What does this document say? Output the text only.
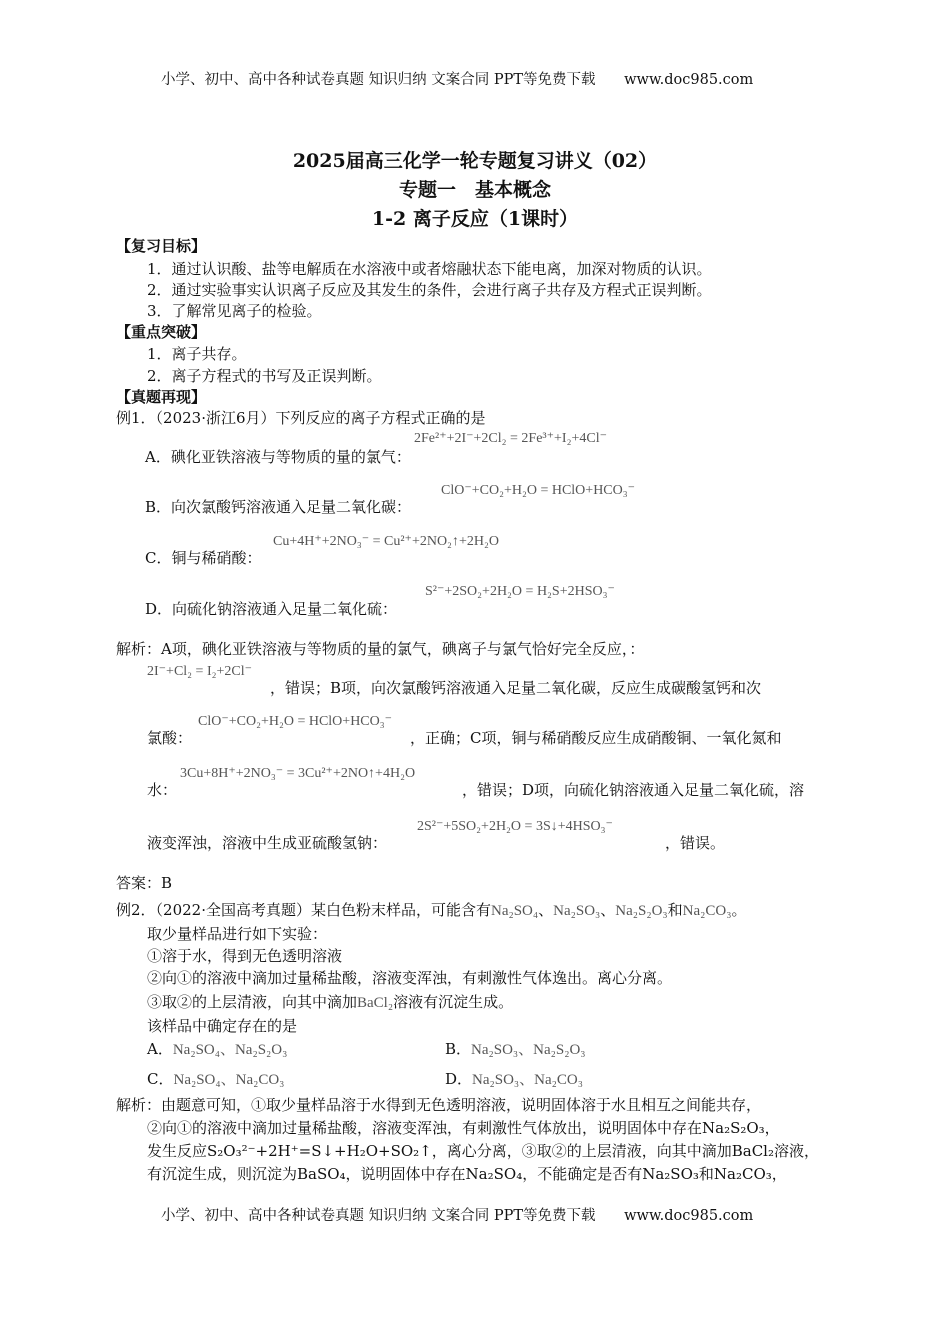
小学、初中、高中各种试卷真题 知识归纳 文案合同 PPT等免费下载 www.doc985.com
2025届高三化学一轮专题复习讲义（02）
专题一　基本概念
1-2 离子反应（1课时）
【复习目标】
1．通过认识酸、盐等电解质在水溶液中或者熔融状态下能电离，加深对物质的认识。
2．通过实验事实认识离子反应及其发生的条件，会进行离子共存及方程式正误判断。
3．了解常见离子的检验。
【重点突破】
1．离子共存。
2．离子方程式的书写及正误判断。
【真题再现】
例1．（2023·浙江6月）下列反应的离子方程式正确的是
A．碘化亚铁溶液与等物质的量的氯气：
2Fe²⁺+2I⁻+2Cl₂ = 2Fe³⁺+I₂+4Cl⁻
B．向次氯酸钙溶液通入足量二氧化碳：
ClO⁻+CO₂+H₂O = HClO+HCO₃⁻
C．铜与稀硝酸：
Cu+4H⁺+2NO₃⁻ = Cu²⁺+2NO₂↑+2H₂O
D．向硫化钠溶液通入足量二氧化硫：
S²⁻+2SO₂+2H₂O = H₂S+2HSO₃⁻
解析：A项，碘化亚铁溶液与等物质的量的氯气，碘离子与氯气恰好完全反应，：
2I⁻+Cl₂ = I₂+2Cl⁻
，错误；B项，向次氯酸钙溶液通入足量二氧化碳，反应生成碳酸氢钙和次
ClO⁻+CO₂+H₂O = HClO+HCO₃⁻
氯酸：	，正确；C项，铜与稀硝酸反应生成硝酸铜、一氧化氮和
3Cu+8H⁺+2NO₃⁻ = 3Cu²⁺+2NO↑+4H₂O
水：	，错误；D项，向硫化钠溶液通入足量二氧化硫，溶
2S²⁻+5SO₂+2H₂O = 3S↓+4HSO₃⁻
液变浑浊，溶液中生成亚硫酸氢钠：	，错误。
答案：B
例2．（2022·全国高考真题）某白色粉末样品，可能含有Na₂SO₄、Na₂SO₃、Na₂S₂O₃和Na₂CO₃。
取少量样品进行如下实验：
①溶于水，得到无色透明溶液
②向①的溶液中滴加过量稀盐酸，溶液变浑浊，有刺激性气体逸出。离心分离。
③取②的上层清液，向其中滴加BaCl₂溶液有沉淀生成。
该样品中确定存在的是
A．Na₂SO₄、Na₂S₂O₃	B．Na₂SO₃、Na₂S₂O₃
C．Na₂SO₄、Na₂CO₃	D．Na₂SO₃、Na₂CO₃
解析：由题意可知，①取少量样品溶于水得到无色透明溶液，说明固体溶于水且相互之间能共存，
②向①的溶液中滴加过量稀盐酸，溶液变浑浊，有刺激性气体放出，说明固体中存在Na₂S₂O₃，
发生反应S₂O₃²⁻+2H⁺=S↓+H₂O+SO₂↑，离心分离，③取②的上层清液，向其中滴加BaCl₂溶液，
有沉淀生成，则沉淀为BaSO₄，说明固体中存在Na₂SO₄，不能确定是否有Na₂SO₃和Na₂CO₃，
小学、初中、高中各种试卷真题 知识归纳 文案合同 PPT等免费下载 www.doc985.com
